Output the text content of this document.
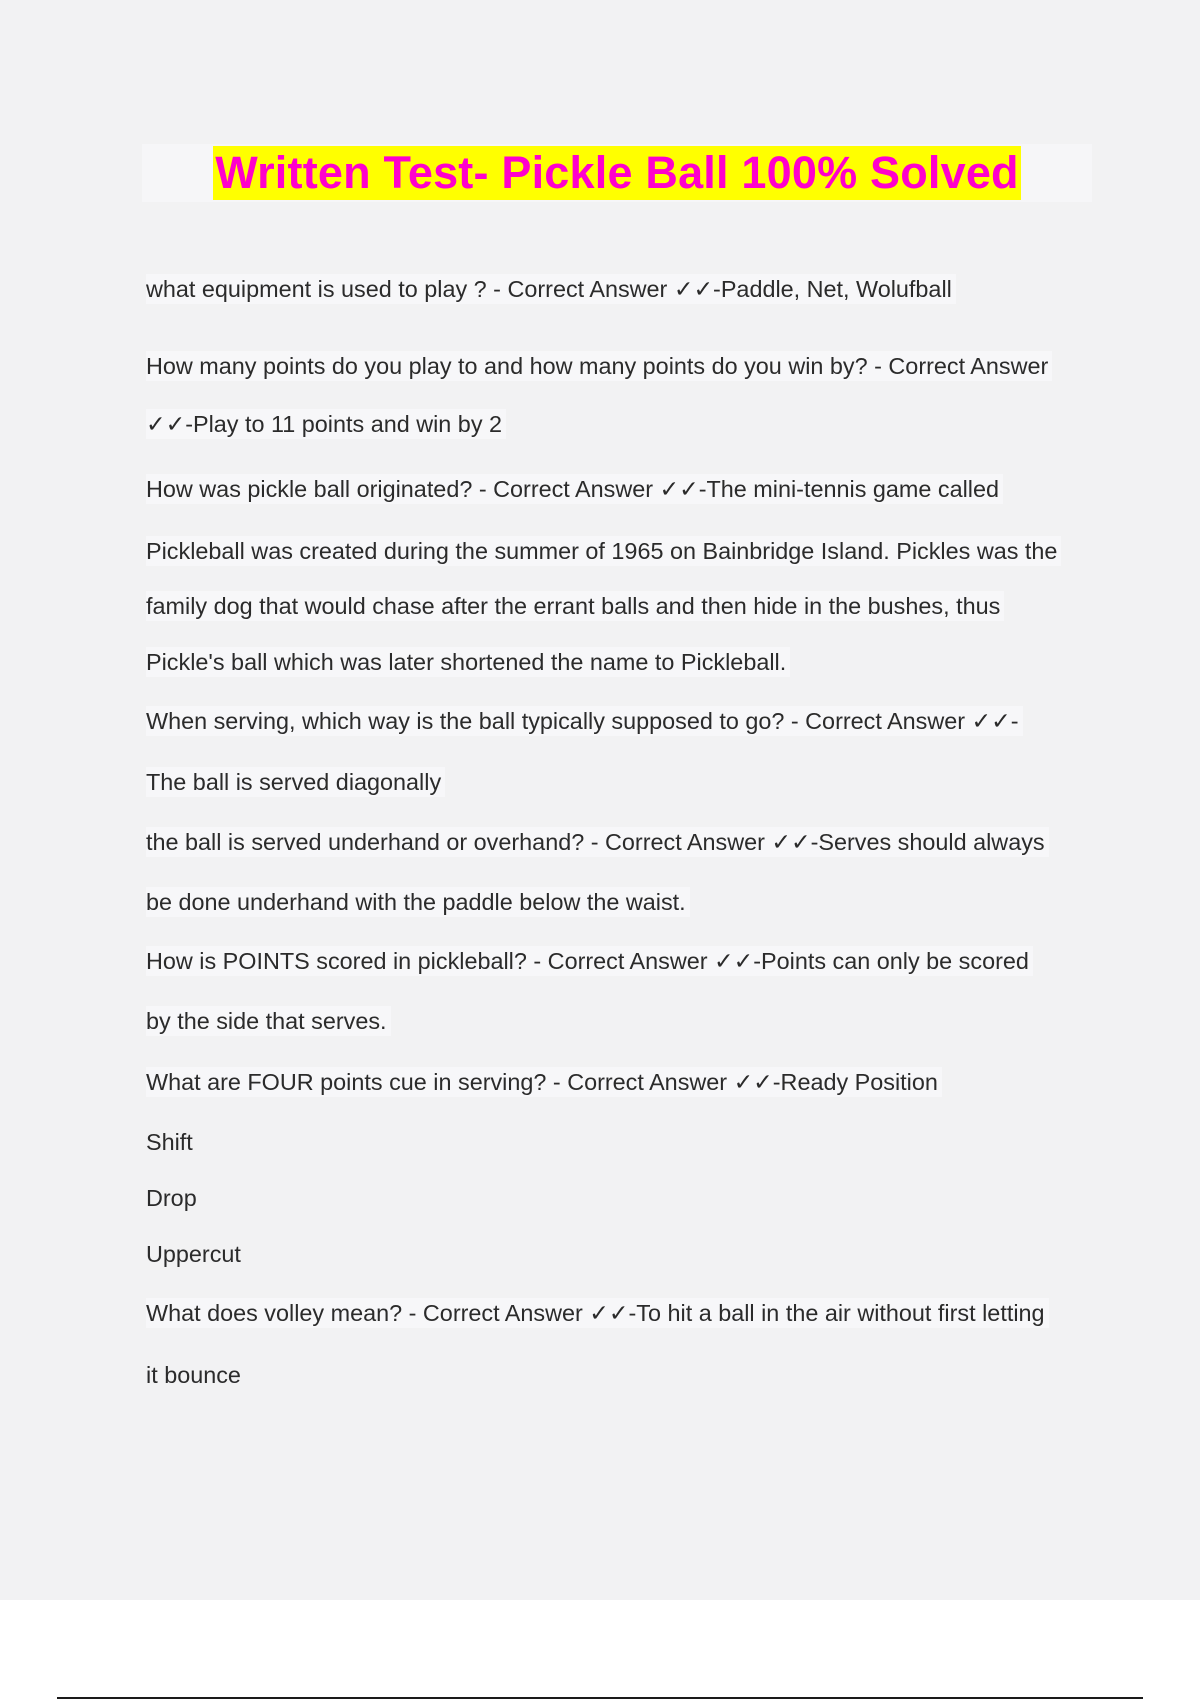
Written Test- Pickle Ball 100% Solved
what equipment is used to play ? - Correct Answer ✓✓-Paddle, Net, Wolufball
How many points do you play to and how many points do you win by? - Correct Answer
✓✓-Play to 11 points and win by 2
How was pickle ball originated? - Correct Answer ✓✓-The mini-tennis game called
Pickleball was created during the summer of 1965 on Bainbridge Island. Pickles was the
family dog that would chase after the errant balls and then hide in the bushes, thus
Pickle's ball which was later shortened the name to Pickleball.
When serving, which way is the ball typically supposed to go? - Correct Answer ✓✓-
The ball is served diagonally
the ball is served underhand or overhand? - Correct Answer ✓✓-Serves should always
be done underhand with the paddle below the waist.
How is POINTS scored in pickleball? - Correct Answer ✓✓-Points can only be scored
by the side that serves.
What are FOUR points cue in serving? - Correct Answer ✓✓-Ready Position
Shift
Drop
Uppercut
What does volley mean? - Correct Answer ✓✓-To hit a ball in the air without first letting
it bounce
